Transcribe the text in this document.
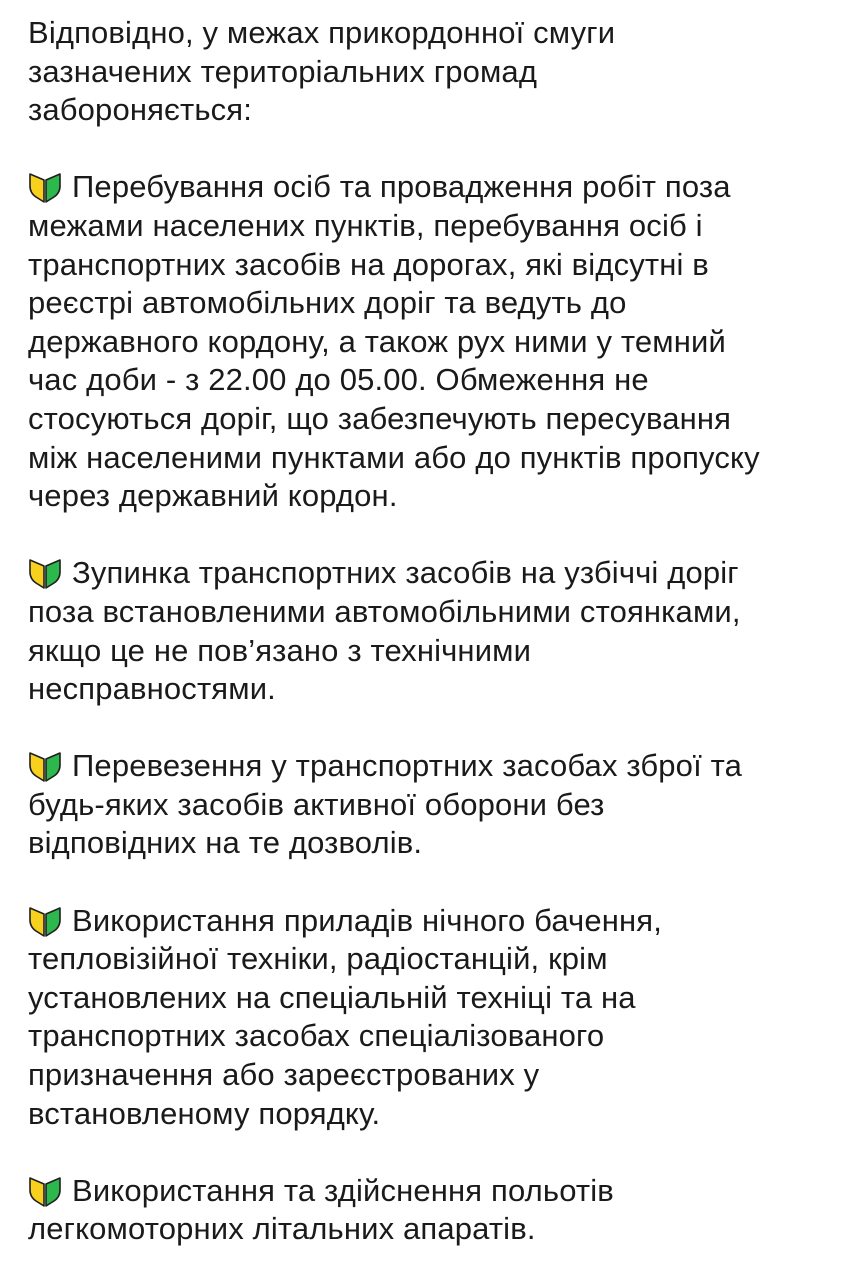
Відповідно, у межах прикордонної смуги
зазначених територіальних громад
забороняється:

Перебування осіб та провадження робіт поза
межами населених пунктів, перебування осіб і
транспортних засобів на дорогах, які відсутні в
реєстрі автомобільних доріг та ведуть до
державного кордону, а також рух ними у темний
час доби - з 22.00 до 05.00. Обмеження не
стосуються доріг, що забезпечують пересування
між населеними пунктами або до пунктів пропуску
через державний кордон.

Зупинка транспортних засобів на узбіччі доріг
поза встановленими автомобільними стоянками,
якщо це не пов’язано з технічними
несправностями.

Перевезення у транспортних засобах зброї та
будь-яких засобів активної оборони без
відповідних на те дозволів.

Використання приладів нічного бачення,
тепловізійної техніки, радіостанцій, крім
установлених на спеціальній техніці та на
транспортних засобах спеціалізованого
призначення або зареєстрованих у
встановленому порядку.

Використання та здійснення польотів
легкомоторних літальних апаратів.
